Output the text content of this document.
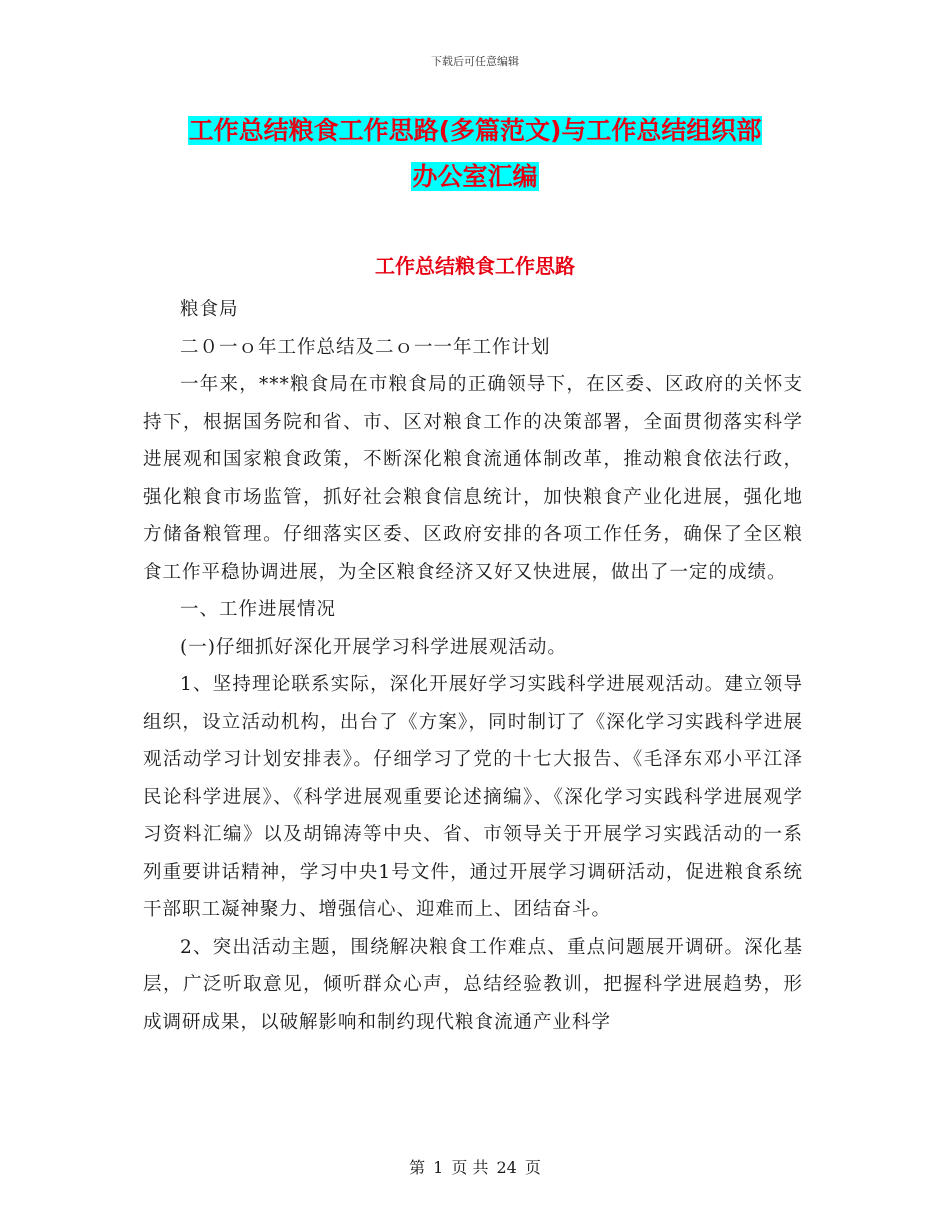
下载后可任意编辑
工作总结粮食工作思路(多篇范文)与工作总结组织部
办公室汇编
工作总结粮食工作思路

粮食局

二０一ｏ年工作总结及二ｏ一一年工作计划

一年来，***粮食局在市粮食局的正确领导下，在区委、区政府的关怀支持下，根据国务院和省、市、区对粮食工作的决策部署，全面贯彻落实科学进展观和国家粮食政策，不断深化粮食流通体制改革，推动粮食依法行政，强化粮食市场监管，抓好社会粮食信息统计，加快粮食产业化进展，强化地方储备粮管理。仔细落实区委、区政府安排的各项工作任务，确保了全区粮食工作平稳协调进展，为全区粮食经济又好又快进展，做出了一定的成绩。

一、工作进展情况

(一)仔细抓好深化开展学习科学进展观活动。

1、坚持理论联系实际，深化开展好学习实践科学进展观活动。建立领导组织，设立活动机构，出台了《方案》，同时制订了《深化学习实践科学进展观活动学习计划安排表》。仔细学习了党的十七大报告、《毛泽东邓小平江泽民论科学进展》、《科学进展观重要论述摘编》、《深化学习实践科学进展观学习资料汇编》以及胡锦涛等中央、省、市领导关于开展学习实践活动的一系列重要讲话精神，学习中央1号文件，通过开展学习调研活动，促进粮食系统干部职工凝神聚力、增强信心、迎难而上、团结奋斗。

2、突出活动主题，围绕解决粮食工作难点、重点问题展开调研。深化基层，广泛听取意见，倾听群众心声，总结经验教训，把握科学进展趋势，形成调研成果，以破解影响和制约现代粮食流通产业科学

第 1 页 共 24 页
